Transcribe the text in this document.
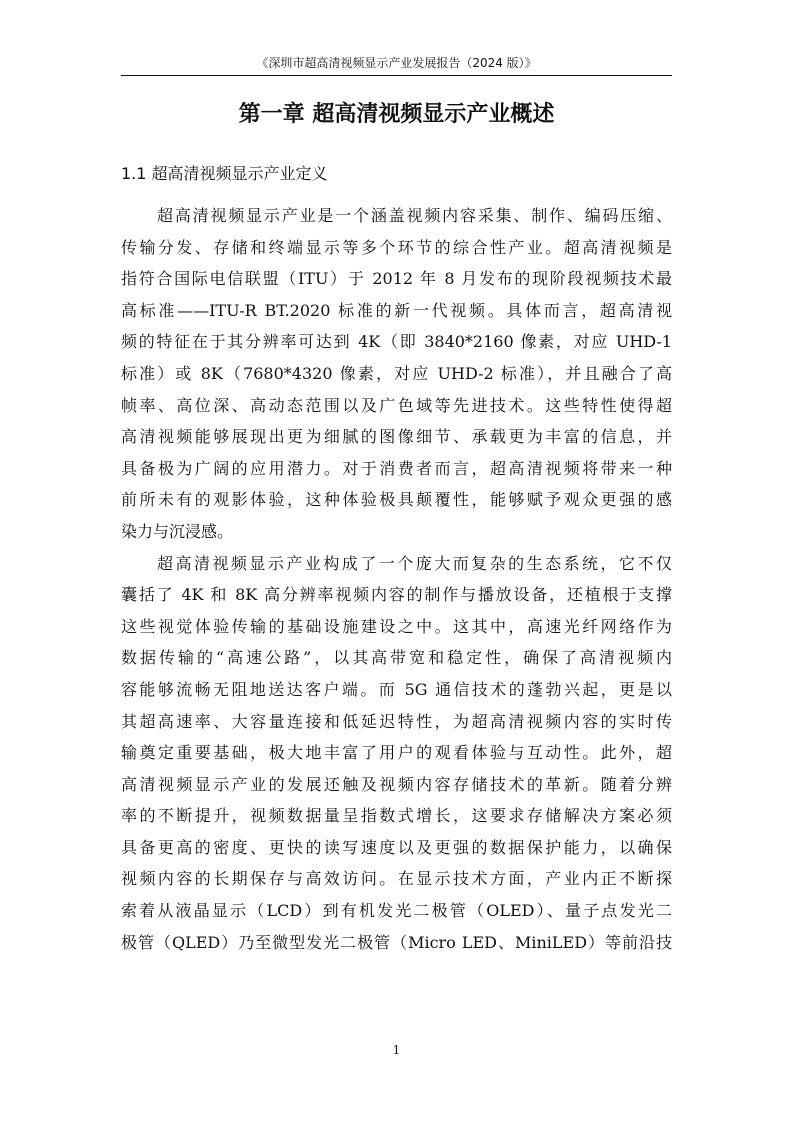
《深圳市超高清视频显示产业发展报告（2024 版）》
第一章 超高清视频显示产业概述
1.1 超高清视频显示产业定义
超高清视频显示产业是一个涵盖视频内容采集、制作、编码压缩、
传输分发、存储和终端显示等多个环节的综合性产业。超高清视频是
指符合国际电信联盟（ITU）于 2012 年 8 月发布的现阶段视频技术最
高标准——ITU-R BT.2020 标准的新一代视频。具体而言，超高清视
频的特征在于其分辨率可达到 4K（即 3840*2160 像素，对应 UHD-1
标准）或 8K（7680*4320 像素，对应 UHD-2 标准），并且融合了高
帧率、高位深、高动态范围以及广色域等先进技术。这些特性使得超
高清视频能够展现出更为细腻的图像细节、承载更为丰富的信息，并
具备极为广阔的应用潜力。对于消费者而言，超高清视频将带来一种
前所未有的观影体验，这种体验极具颠覆性，能够赋予观众更强的感
染力与沉浸感。
超高清视频显示产业构成了一个庞大而复杂的生态系统，它不仅
囊括了 4K 和 8K 高分辨率视频内容的制作与播放设备，还植根于支撑
这些视觉体验传输的基础设施建设之中。这其中，高速光纤网络作为
数据传输的“高速公路”，以其高带宽和稳定性，确保了高清视频内
容能够流畅无阻地送达客户端。而 5G 通信技术的蓬勃兴起，更是以
其超高速率、大容量连接和低延迟特性，为超高清视频内容的实时传
输奠定重要基础，极大地丰富了用户的观看体验与互动性。此外，超
高清视频显示产业的发展还触及视频内容存储技术的革新。随着分辨
率的不断提升，视频数据量呈指数式增长，这要求存储解决方案必须
具备更高的密度、更快的读写速度以及更强的数据保护能力，以确保
视频内容的长期保存与高效访问。在显示技术方面，产业内正不断探
索着从液晶显示（LCD）到有机发光二极管（OLED）、量子点发光二
极管（QLED）乃至微型发光二极管（Micro LED、MiniLED）等前沿技
1
